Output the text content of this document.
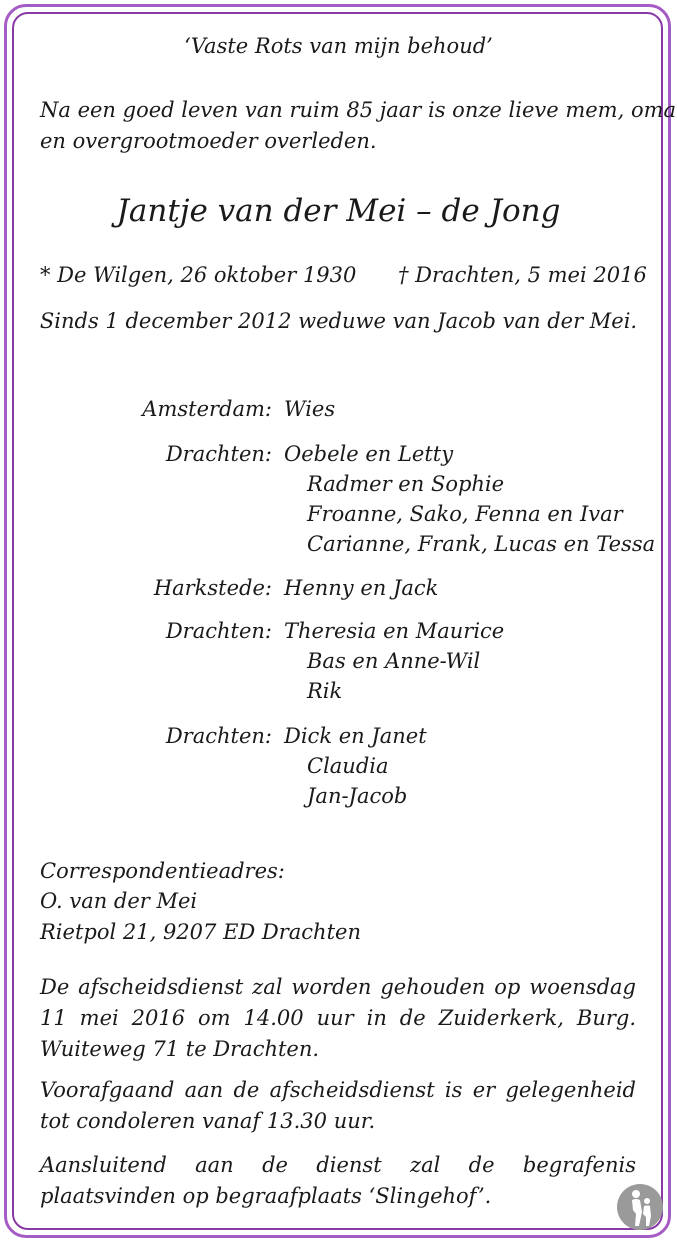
‘Vaste Rots van mijn behoud’
Na een goed leven van ruim 85 jaar is onze lieve mem, oma
en overgrootmoeder overleden.
Jantje van der Mei – de Jong
* De Wilgen, 26 oktober 1930 † Drachten, 5 mei 2016
Sinds 1 december 2012 weduwe van Jacob van der Mei.
Amsterdam: Wies
Drachten: Oebele en Letty
Radmer en Sophie
Froanne, Sako, Fenna en Ivar
Carianne, Frank, Lucas en Tessa
Harkstede: Henny en Jack
Drachten: Theresia en Maurice
Bas en Anne-Wil
Rik
Drachten: Dick en Janet
Claudia
Jan-Jacob
Correspondentieadres:
O. van der Mei
Rietpol 21, 9207 ED Drachten
De afscheidsdienst zal worden gehouden op woensdag 11 mei 2016 om 14.00 uur in de Zuiderkerk, Burg. Wuiteweg 71 te Drachten.
Voorafgaand aan de afscheidsdienst is er gelegenheid tot condoleren vanaf 13.30 uur.
Aansluitend aan de dienst zal de begrafenis plaatsvinden op begraafplaats ‘Slingehof’.
